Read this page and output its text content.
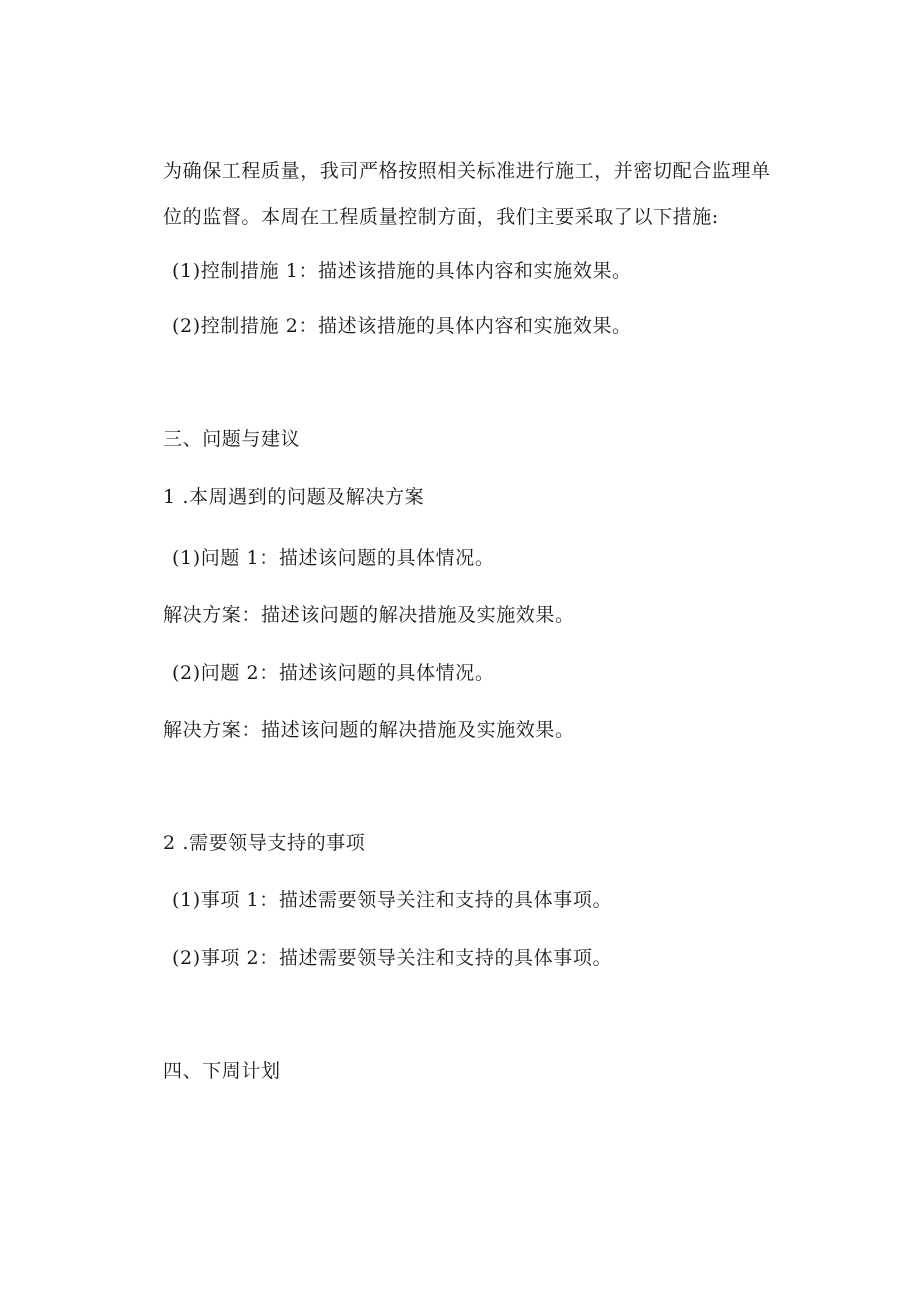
为确保工程质量，我司严格按照相关标准进行施工，并密切配合监理单
位的监督。本周在工程质量控制方面，我们主要采取了以下措施:
(1)控制措施 1：描述该措施的具体内容和实施效果。
(2)控制措施 2：描述该措施的具体内容和实施效果。
三、问题与建议
1 .本周遇到的问题及解决方案
(1)问题 1：描述该问题的具体情况。
解决方案：描述该问题的解决措施及实施效果。
(2)问题 2：描述该问题的具体情况。
解决方案：描述该问题的解决措施及实施效果。
2 .需要领导支持的事项
(1)事项 1：描述需要领导关注和支持的具体事项。
(2)事项 2：描述需要领导关注和支持的具体事项。
四、下周计划
